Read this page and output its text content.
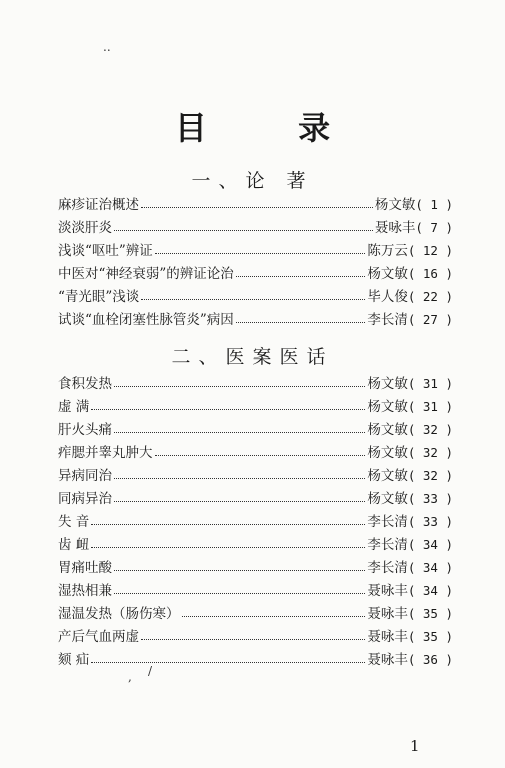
目 录
一、论 著
麻疹证治概述	杨文敏 ( 1 )
淡淡肝炎	聂咏丰 ( 7 )
浅谈“呕吐”辨证	陈万云 ( 12 )
中医对“神经衰弱”的辨证论治	杨文敏 ( 16 )
“青光眼”浅谈	毕人俊 ( 22 )
试谈“血栓闭塞性脉管炎”病因	李长清 ( 27 )
二、医案医话
食积发热	杨文敏 ( 31 )
虚 满	杨文敏 ( 31 )
肝火头痛	杨文敏 ( 32 )
痄腮并睾丸肿大	杨文敏 ( 32 )
异病同治	杨文敏 ( 32 )
同病异治	杨文敏 ( 33 )
失 音	李长清 ( 33 )
齿 衄	李长清 ( 34 )
胃痛吐酸	李长清 ( 34 )
湿热相兼	聂咏丰 ( 34 )
湿温发热（肠伤寒）	聂咏丰 ( 35 )
产后气血两虚	聂咏丰 ( 35 )
颏 疝	聂咏丰 ( 36 )
1
..
, /
